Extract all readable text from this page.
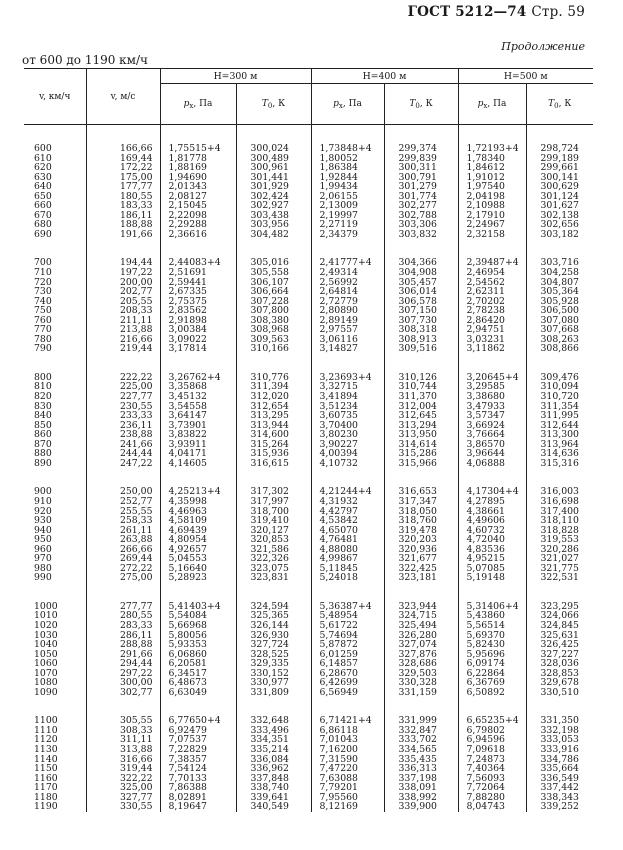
ГОСТ 5212—74 Стр. 59
Продолжение
от 600 до 1190 км/ч
v, км/ч	v, м/с	H=300 м		H=400 м		H=500 м	
		$p_x$, Па	$T_0$, К	$p_x$, Па	$T_0$, К	$p_x$, Па	$T_0$, К

600	166,66	1,75515+4	300,024	1,73848+4	299,374	1,72193+4	298,724
610	169,44	1,81778	300,489	1,80052	299,839	1,78340	299,189
620	172,22	1,88169	300,961	1,86384	300,311	1,84612	299,661
630	175,00	1,94690	301,441	1,92844	300,791	1,91012	300,141
640	177,77	2,01343	301,929	1,99434	301,279	1,97540	300,629
650	180,55	2,08127	302,424	2,06155	301,774	2,04198	301,124
660	183,33	2,15045	302,927	2,13009	302,277	2,10988	301,627
670	186,11	2,22098	303,438	2,19997	302,788	2,17910	302,138
680	188,88	2,29288	303,956	2,27119	303,306	2,24967	302,656
690	191,66	2,36616	304,482	2,34379	303,832	2,32158	303,182

700	194,44	2,44083+4	305,016	2,41777+4	304,366	2,39487+4	303,716
710	197,22	2,51691	305,558	2,49314	304,908	2,46954	304,258
720	200,00	2,59441	306,107	2,56992	305,457	2,54562	304,807
730	202,77	2,67335	306,664	2,64814	306,014	2,62311	305,364
740	205,55	2,75375	307,228	2,72779	306,578	2,70202	305,928
750	208,33	2,83562	307,800	2,80890	307,150	2,78238	306,500
760	211,11	2,91898	308,380	2,89149	307,730	2,86420	307,080
770	213,88	3,00384	308,968	2,97557	308,318	2,94751	307,668
780	216,66	3,09022	309,563	3,06116	308,913	3,03231	308,263
790	219,44	3,17814	310,166	3,14827	309,516	3,11862	308,866

800	222,22	3,26762+4	310,776	3,23693+4	310,126	3,20645+4	309,476
810	225,00	3,35868	311,394	3,32715	310,744	3,29585	310,094
820	227,77	3,45132	312,020	3,41894	311,370	3,38680	310,720
830	230,55	3,54558	312,654	3,51234	312,004	3,47933	311,354
840	233,33	3,64147	313,295	3,60735	312,645	3,57347	311,995
850	236,11	3,73901	313,944	3,70400	313,294	3,66924	312,644
860	238,88	3,83822	314,600	3,80230	313,950	3,76664	313,300
870	241,66	3,93911	315,264	3,90227	314,614	3,86570	313,964
880	244,44	4,04171	315,936	4,00394	315,286	3,96644	314,636
890	247,22	4,14605	316,615	4,10732	315,966	4,06888	315,316

900	250,00	4,25213+4	317,302	4,21244+4	316,653	4,17304+4	316,003
910	252,77	4,35998	317,997	4,31932	317,347	4,27895	316,698
920	255,55	4,46963	318,700	4,42797	318,050	4,38661	317,400
930	258,33	4,58109	319,410	4,53842	318,760	4,49606	318,110
940	261,11	4,69439	320,127	4,65070	319,478	4,60732	318,828
950	263,88	4,80954	320,853	4,76481	320,203	4,72040	319,553
960	266,66	4,92657	321,586	4,88080	320,936	4,83536	320,286
970	269,44	5,04553	322,326	4,99867	321,677	4,95215	321,027
980	272,22	5,16640	323,075	5,11845	322,425	5,07085	321,775
990	275,00	5,28923	323,831	5,24018	323,181	5,19148	322,531

1000	277,77	5,41403+4	324,594	5,36387+4	323,944	5,31406+4	323,295
1010	280,55	5,54084	325,365	5,48954	324,715	5,43860	324,066
1020	283,33	5,66968	326,144	5,61722	325,494	5,56514	324,845
1030	286,11	5,80056	326,930	5,74694	326,280	5,69370	325,631
1040	288,88	5,93353	327,724	5,87872	327,074	5,82430	326,425
1050	291,66	6,06860	328,525	6,01259	327,876	5,95696	327,227
1060	294,44	6,20581	329,335	6,14857	328,686	6,09174	328,036
1070	297,22	6,34517	330,152	6,28670	329,503	6,22864	328,853
1080	300,00	6,48673	330,977	6,42699	330,328	6,36769	329,678
1090	302,77	6,63049	331,809	6,56949	331,159	6,50892	330,510

1100	305,55	6,77650+4	332,648	6,71421+4	331,999	6,65235+4	331,350
1110	308,33	6,92479	333,496	6,86118	332,847	6,79802	332,198
1120	311,11	7,07537	334,351	7,01043	333,702	6,94596	333,053
1130	313,88	7,22829	335,214	7,16200	334,565	7,09618	333,916
1140	316,66	7,38357	336,084	7,31590	335,435	7,24873	334,786
1150	319,44	7,54124	336,962	7,47220	336,313	7,40364	335,664
1160	322,22	7,70133	337,848	7,63088	337,198	7,56093	336,549
1170	325,00	7,86388	338,740	7,79201	338,091	7,72064	337,442
1180	327,77	8,02891	339,641	7,95560	338,992	7,88280	338,343
1190	330,55	8,19647	340,549	8,12169	339,900	8,04743	339,252
